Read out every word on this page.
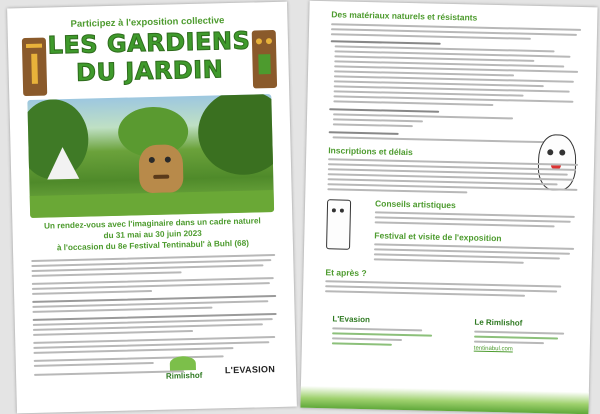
Participez à l'exposition collective
LES GARDIENS
DU JARDIN
Un rendez-vous avec l'imaginaire dans un cadre naturel
du 31 mai au 30 juin 2023
à l'occasion du 8e Festival Tentinabul' à Buhl (68)
Rimlishof
L'EVASION
Des matériaux naturels et résistants
Inscriptions et délais
Conseils artistiques
Festival et visite de l'exposition
Et après ?
L'Evasion	Le Rimlishof
tentinabul.com
